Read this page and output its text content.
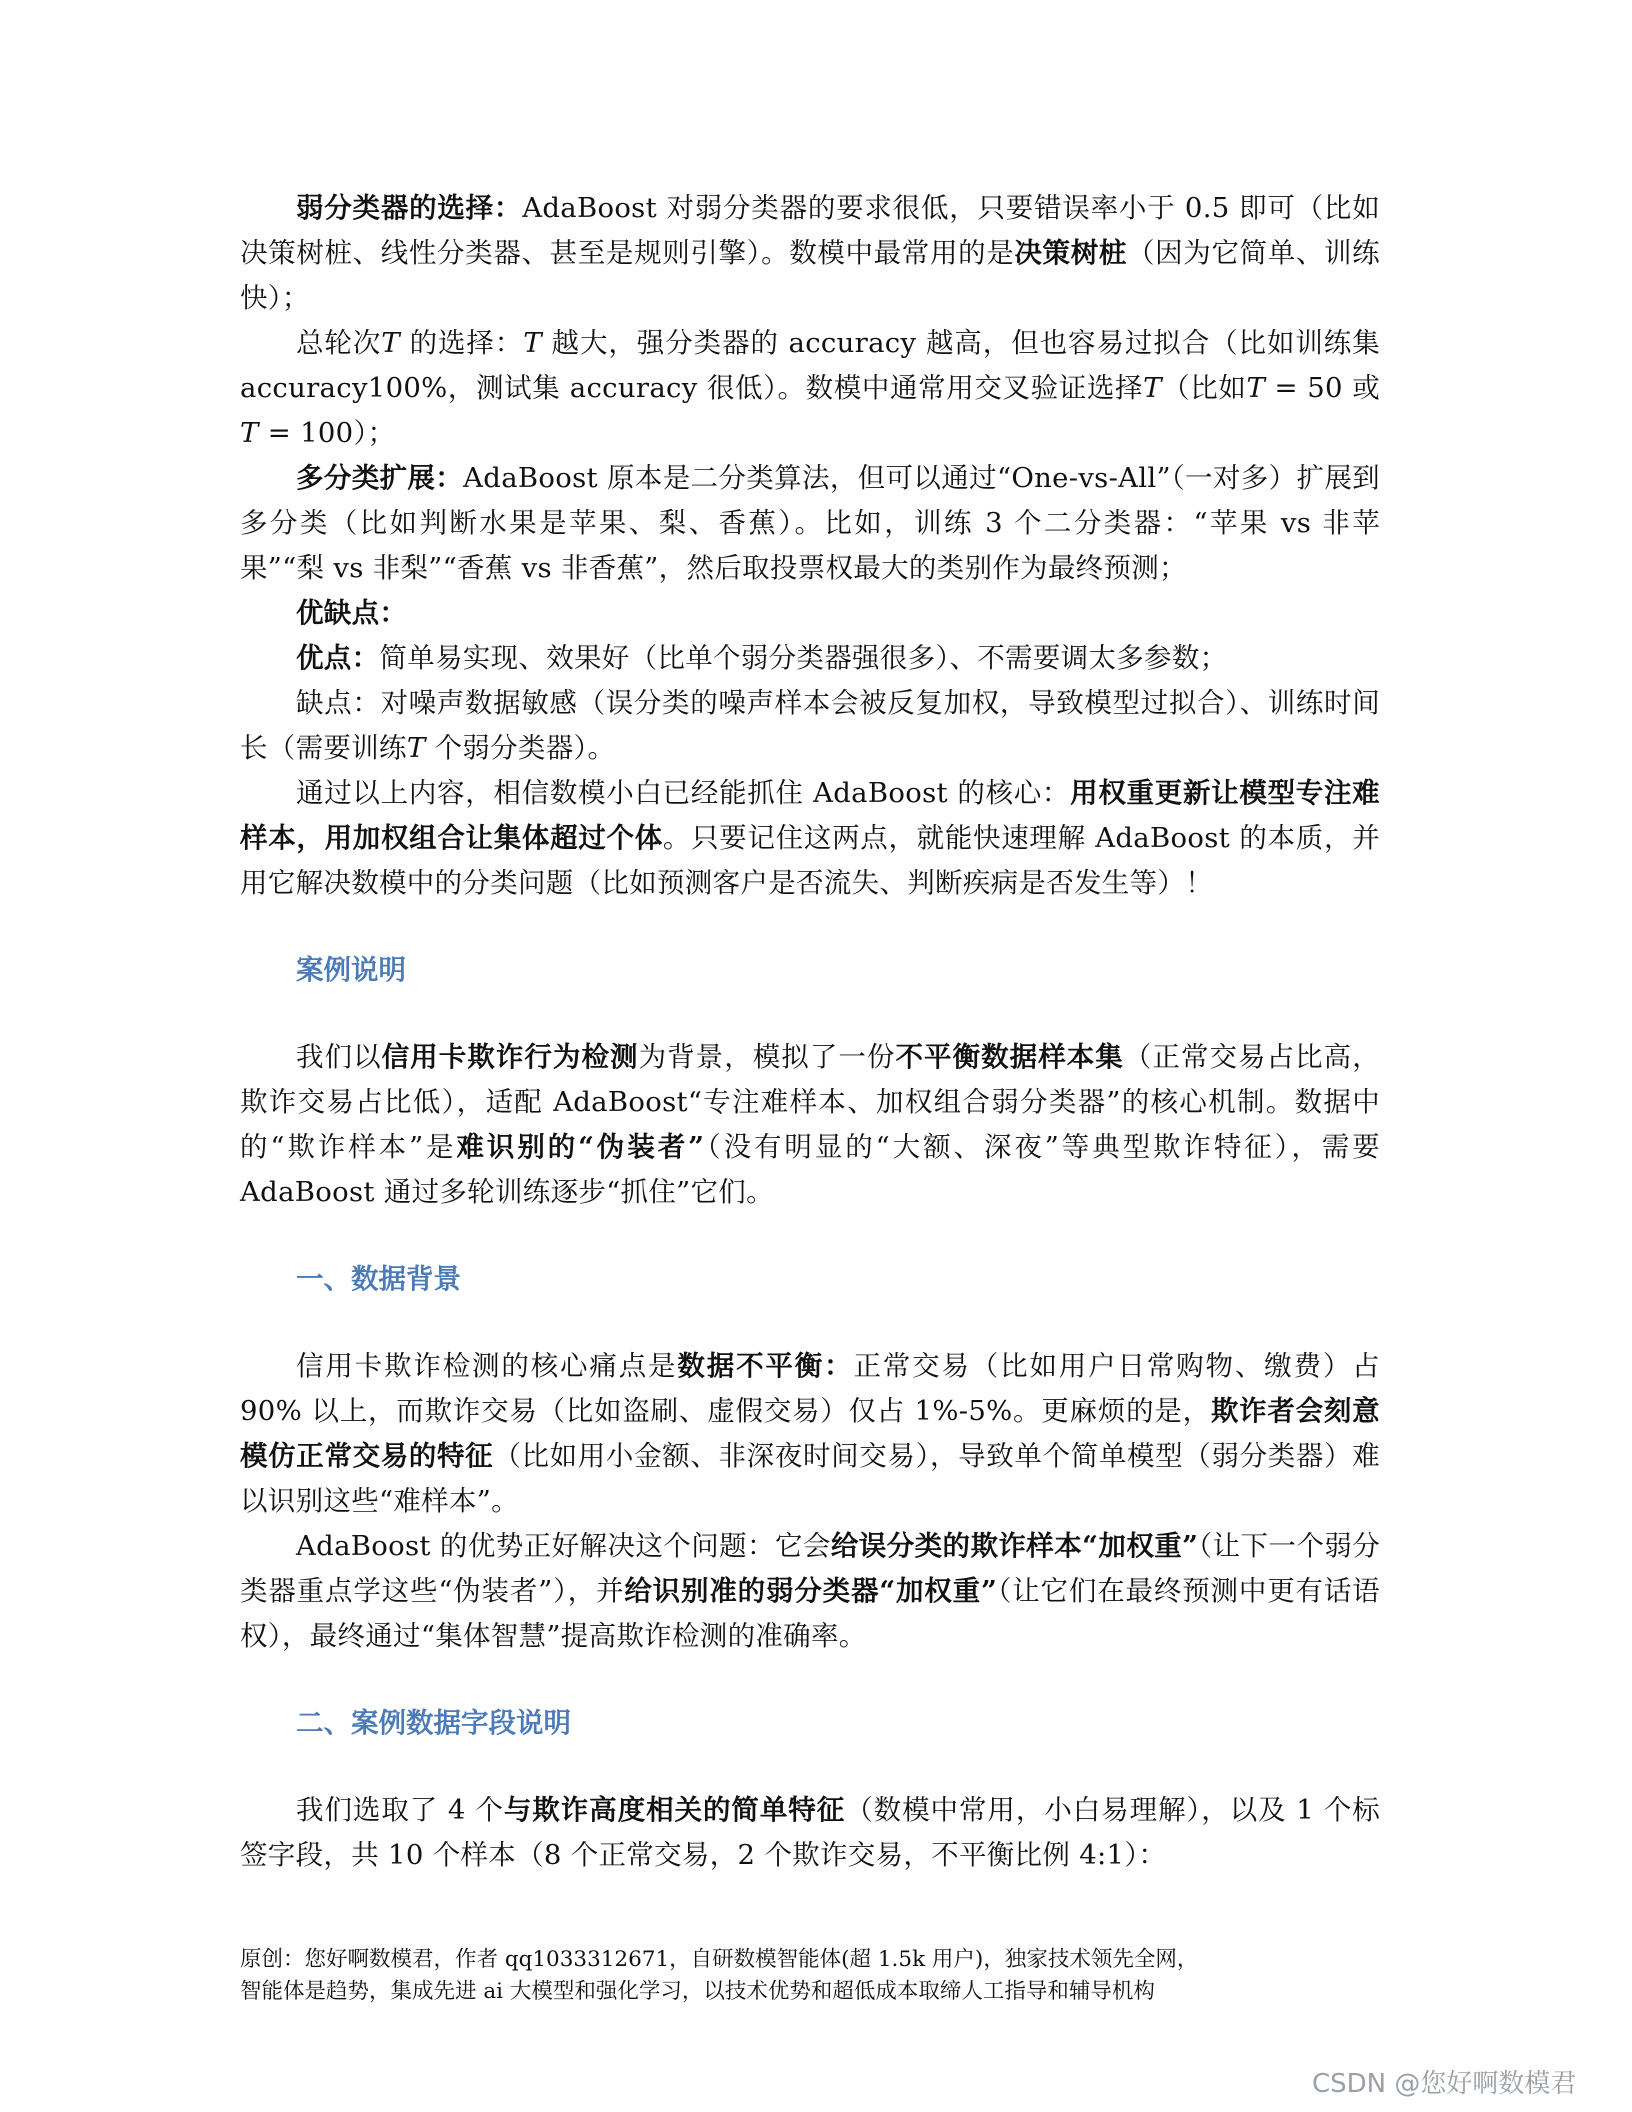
弱分类器的选择：AdaBoost 对弱分类器的要求很低，只要错误率小于 0.5 即可（比如决策树桩、线性分类器、甚至是规则引擎）。数模中最常用的是决策树桩（因为它简单、训练快）；

总轮次T 的选择：T 越大，强分类器的 accuracy 越高，但也容易过拟合（比如训练集 accuracy100%，测试集 accuracy 很低）。数模中通常用交叉验证选择T（比如T = 50 或T = 100）；

多分类扩展：AdaBoost 原本是二分类算法，但可以通过“One-vs-All”（一对多）扩展到多分类（比如判断水果是苹果、梨、香蕉）。比如，训练 3 个二分类器：“苹果 vs 非苹果”“梨 vs 非梨”“香蕉 vs 非香蕉”，然后取投票权最大的类别作为最终预测；

优缺点：

优点：简单易实现、效果好（比单个弱分类器强很多）、不需要调太多参数；

缺点：对噪声数据敏感（误分类的噪声样本会被反复加权，导致模型过拟合）、训练时间长（需要训练T 个弱分类器）。

通过以上内容，相信数模小白已经能抓住 AdaBoost 的核心：用权重更新让模型专注难样本，用加权组合让集体超过个体。只要记住这两点，就能快速理解 AdaBoost 的本质，并用它解决数模中的分类问题（比如预测客户是否流失、判断疾病是否发生等）！

案例说明

我们以信用卡欺诈行为检测为背景，模拟了一份不平衡数据样本集（正常交易占比高，欺诈交易占比低），适配 AdaBoost“专注难样本、加权组合弱分类器”的核心机制。数据中的“欺诈样本”是难识别的“伪装者”（没有明显的“大额、深夜”等典型欺诈特征），需要 AdaBoost 通过多轮训练逐步“抓住”它们。

一、数据背景

信用卡欺诈检测的核心痛点是数据不平衡：正常交易（比如用户日常购物、缴费）占 90% 以上，而欺诈交易（比如盗刷、虚假交易）仅占 1%-5%。更麻烦的是，欺诈者会刻意模仿正常交易的特征（比如用小金额、非深夜时间交易），导致单个简单模型（弱分类器）难以识别这些“难样本”。

AdaBoost 的优势正好解决这个问题：它会给误分类的欺诈样本“加权重”（让下一个弱分类器重点学这些“伪装者”），并给识别准的弱分类器“加权重”（让它们在最终预测中更有话语权），最终通过“集体智慧”提高欺诈检测的准确率。

二、案例数据字段说明

我们选取了 4 个与欺诈高度相关的简单特征（数模中常用，小白易理解），以及 1 个标签字段，共 10 个样本（8 个正常交易，2 个欺诈交易，不平衡比例 4:1）：

原创：您好啊数模君，作者 qq1033312671，自研数模智能体(超 1.5k 用户)，独家技术领先全网，
智能体是趋势，集成先进 ai 大模型和强化学习，以技术优势和超低成本取缔人工指导和辅导机构
CSDN @您好啊数模君
